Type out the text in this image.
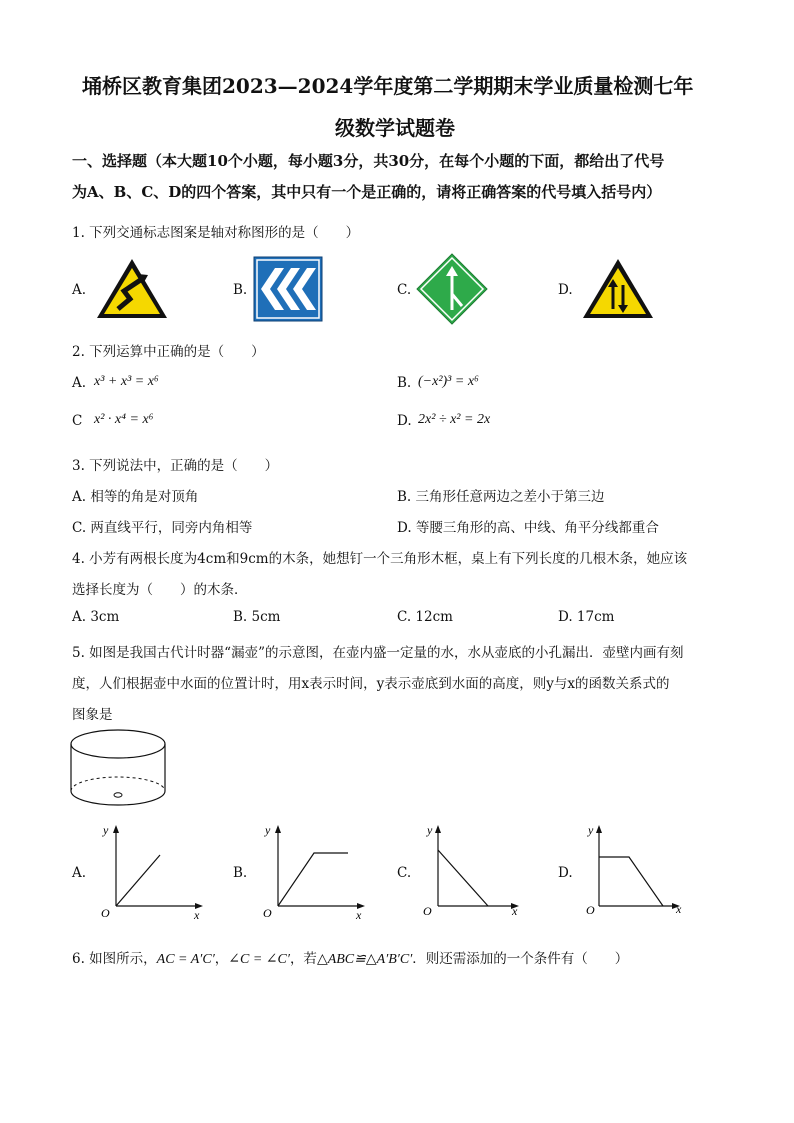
埇桥区教育集团2023—2024学年度第二学期期末学业质量检测七年
级数学试题卷
一、选择题（本大题10个小题，每小题3分，共30分，在每个小题的下面，都给出了代号
为A、B、C、D的四个答案，其中只有一个是正确的，请将正确答案的代号填入括号内）
1. 下列交通标志图案是轴对称图形的是（　　）
A.	B.	C.	D.
2. 下列运算中正确的是（　　）
A. x³ + x³ = x⁶	B. (−x²)³ = x⁶
C x² · x⁴ = x⁶	D. 2x² ÷ x² = 2x
3. 下列说法中，正确的是（　　）
A. 相等的角是对顶角	B. 三角形任意两边之差小于第三边
C. 两直线平行，同旁内角相等	D. 等腰三角形的高、中线、角平分线都重合
4. 小芳有两根长度为4cm和9cm的木条，她想钉一个三角形木框，桌上有下列长度的几根木条，她应该
选择长度为（　　）的木条．
A. 3cm	B. 5cm	C. 12cm	D. 17cm
5. 如图是我国古代计时器“漏壶”的示意图，在壶内盛一定量的水，水从壶底的小孔漏出．壶壁内画有刻
度，人们根据壶中水面的位置计时，用x表示时间，y表示壶底到水面的高度，则y与x的函数关系式的
图象是
A.	B.	C.	D.
y
x
O
y
x
O
y
x
O
y
x
O
6. 如图所示，AC = A′C′，∠C = ∠C′，若△ABC≌△A′B′C′．则还需添加的一个条件有（　　）
